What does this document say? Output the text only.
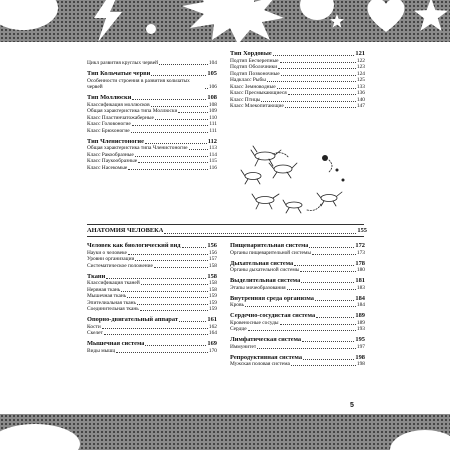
Цикл развития круглых червей	104
Тип Кольчатые черви	105
Особенности строения в развития кольчатых червей	106
Тип Моллюски	108
Классификация моллюсков	108
Общая характеристика типа Моллюски	109
Класс Пластинчатожаберные	110
Класс Головоногие	111
Класс Брюхоногие	111
Тип Членистоногие	112
Общая характеристика типа Членистоногие	113
Класс Ракообразные	114
Класс Паукообразные	115
Класс Насекомые	116
Тип Хордовые	121
Подтип Бесчерепные	122
Подтип Оболочники	123
Подтип Позвоночные	124
Надкласс Рыбы	125
Класс Земноводные	133
Класс Пресмыкающиеся	136
Класс Птицы	140
Класс Млекопитающие	147
АНАТОМИЯ ЧЕЛОВЕКА	155
Человек как биологический вид	156
Науки о человеке	156
Уровни организации	157
Систематическое положение	158
Ткани	158
Классификация тканей	158
Нервная ткань	158
Мышечная ткань	159
Эпителиальная ткань	159
Соединительная ткань	159
Опорно-двигательный аппарат	161
Кости	162
Скелет	164
Мышечная система	169
Виды мышц	170
Пищеварительная система	172
Органы пищеварительной системы	173
Дыхательная система	178
Органы дыхательной системы	180
Выделительная система	181
Этапы мочеобразования	183
Внутренняя среда организма	184
Кровь	184
Сердечно-сосудистая система	189
Кровеносные сосуды	189
Сердце	193
Лимфатическая система	195
Иммунитет	197
Репродуктивная система	198
Мужская половая система	198
5
